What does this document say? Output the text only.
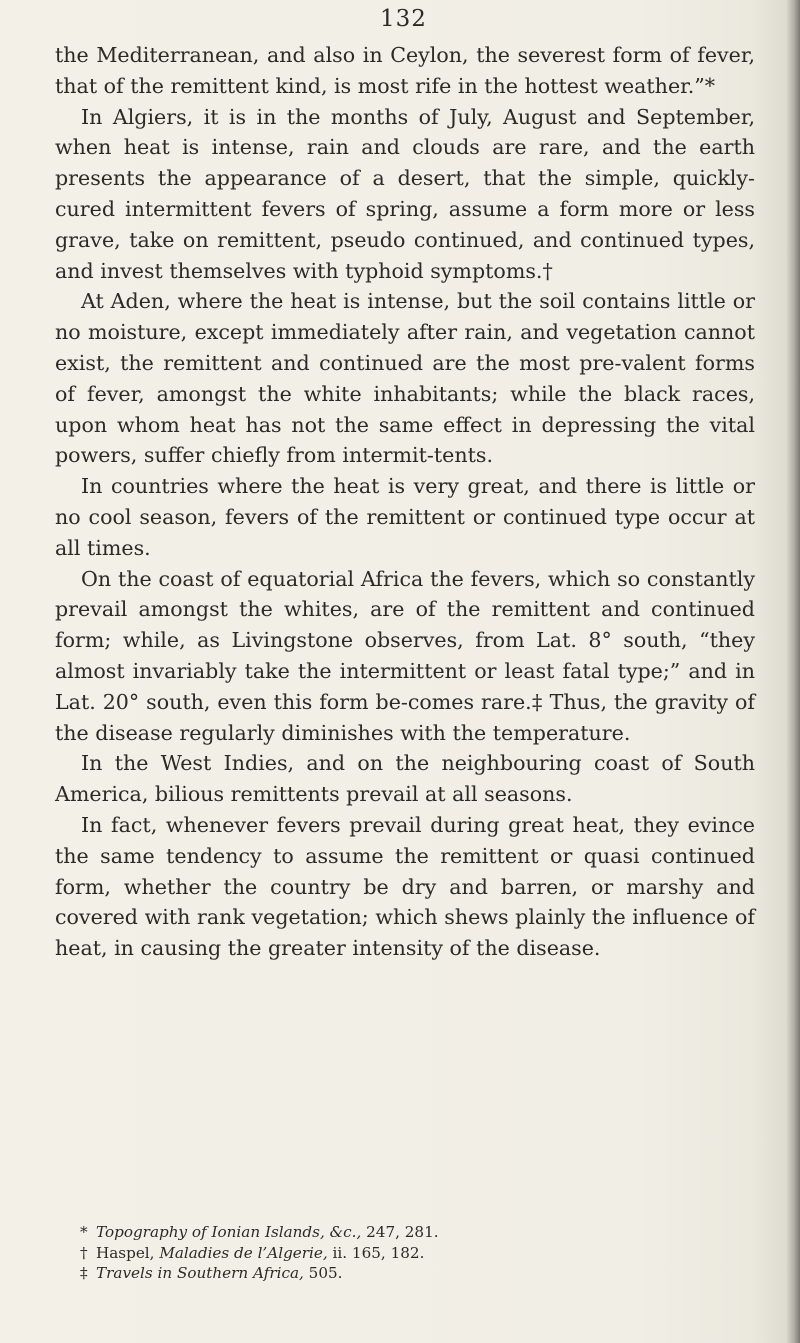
132

the Mediterranean, and also in Ceylon, the severest form of fever, that of the remittent kind, is most rife in the hottest weather.”*

In Algiers, it is in the months of July, August and September, when heat is intense, rain and clouds are rare, and the earth presents the appearance of a desert, that the simple, quickly-cured intermittent fevers of spring, assume a form more or less grave, take on remittent, pseudo continued, and continued types, and invest themselves with typhoid symptoms.†

At Aden, where the heat is intense, but the soil contains little or no moisture, except immediately after rain, and vegetation cannot exist, the remittent and continued are the most pre-valent forms of fever, amongst the white inhabitants; while the black races, upon whom heat has not the same effect in depressing the vital powers, suffer chiefly from intermit-tents.

In countries where the heat is very great, and there is little or no cool season, fevers of the remittent or continued type occur at all times.

On the coast of equatorial Africa the fevers, which so constantly prevail amongst the whites, are of the remittent and continued form; while, as Livingstone observes, from Lat. 8° south, “they almost invariably take the intermittent or least fatal type;” and in Lat. 20° south, even this form be-comes rare.‡ Thus, the gravity of the disease regularly diminishes with the temperature.

In the West Indies, and on the neighbouring coast of South America, bilious remittents prevail at all seasons.

In fact, whenever fevers prevail during great heat, they evince the same tendency to assume the remittent or quasi continued form, whether the country be dry and barren, or marshy and covered with rank vegetation; which shews plainly the influence of heat, in causing the greater intensity of the disease.

* Topography of Ionian Islands, &c., 247, 281.

† Haspel, Maladies de l’Algerie, ii. 165, 182.

‡ Travels in Southern Africa, 505.
